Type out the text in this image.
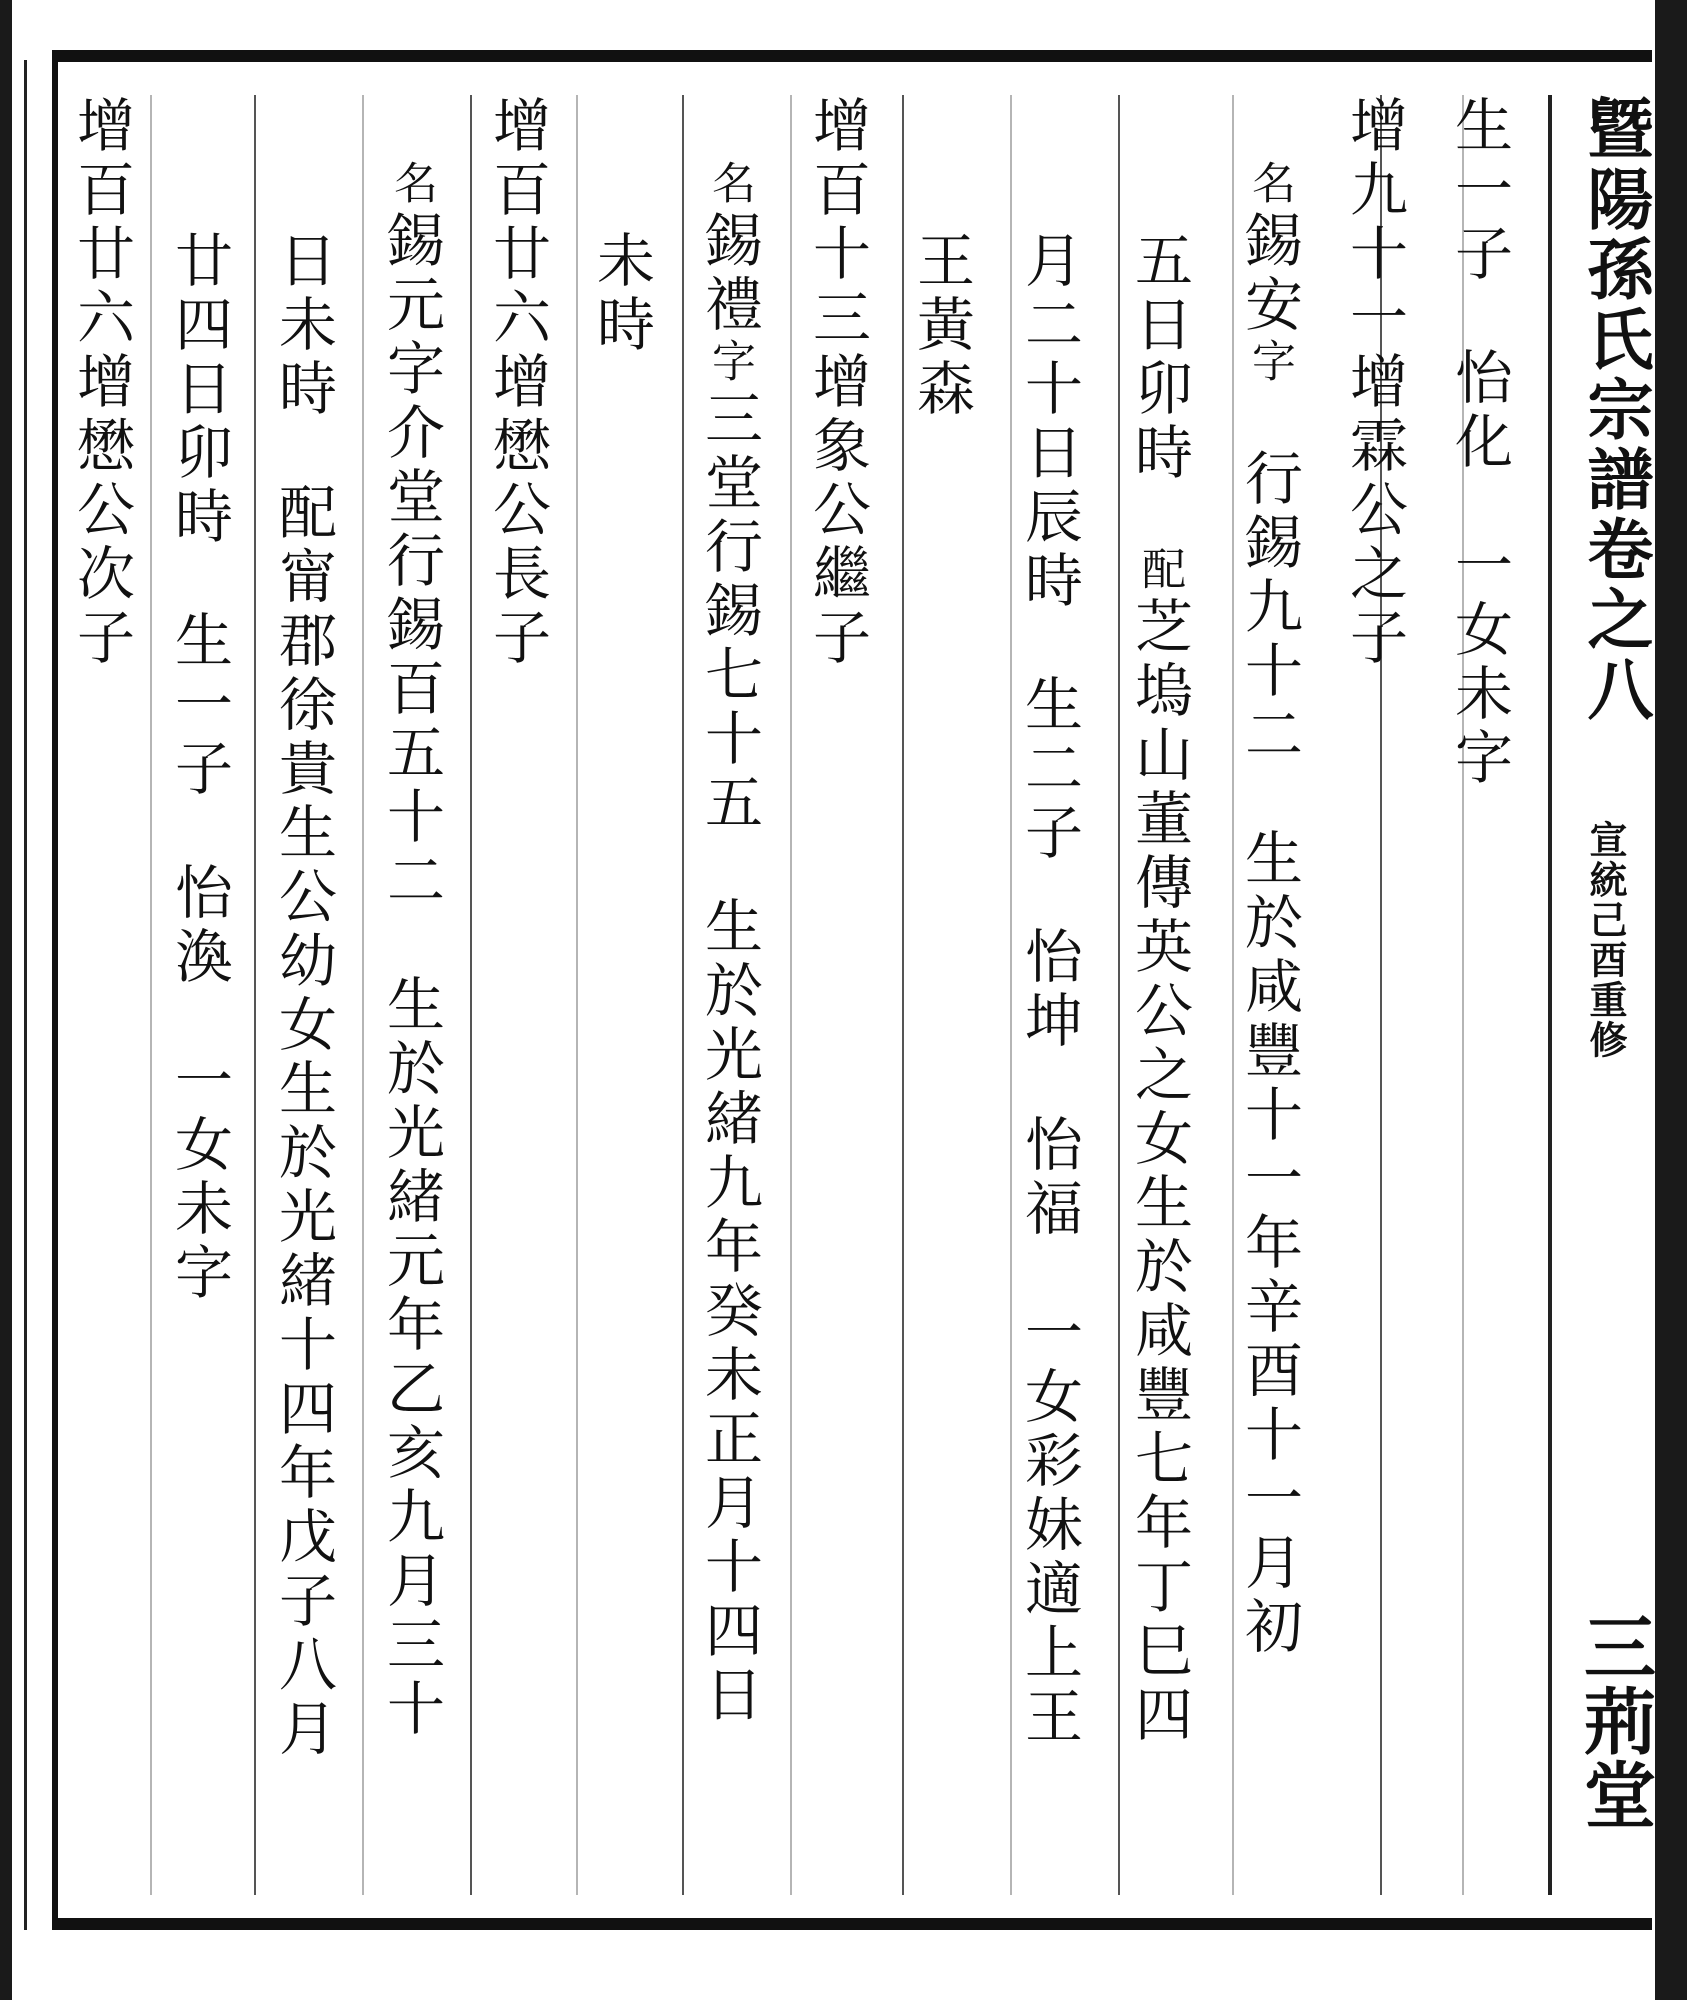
曁陽孫氏宗譜卷之八
宣統己酉重修
三荊堂
生一子怡化一女未字
增九十一增霖公之子
名錫安字行錫九十二生於咸豐十一年辛酉十一月初
五日卯時配芝塢山董傳英公之女生於咸豐七年丁巳四
月二十日辰時生二子怡坤怡福一女彩妹適上王
王黃森
增百十三增象公繼子
名錫禮字三堂行錫七十五生於光緒九年癸未正月十四日
未時
增百廿六增懋公長子
名錫元字介堂行錫百五十二生於光緒元年乙亥九月三十
日未時配甯郡徐貴生公幼女生於光緒十四年戊子八月
廿四日卯時生一子怡渙一女未字
增百廿六增懋公次子
